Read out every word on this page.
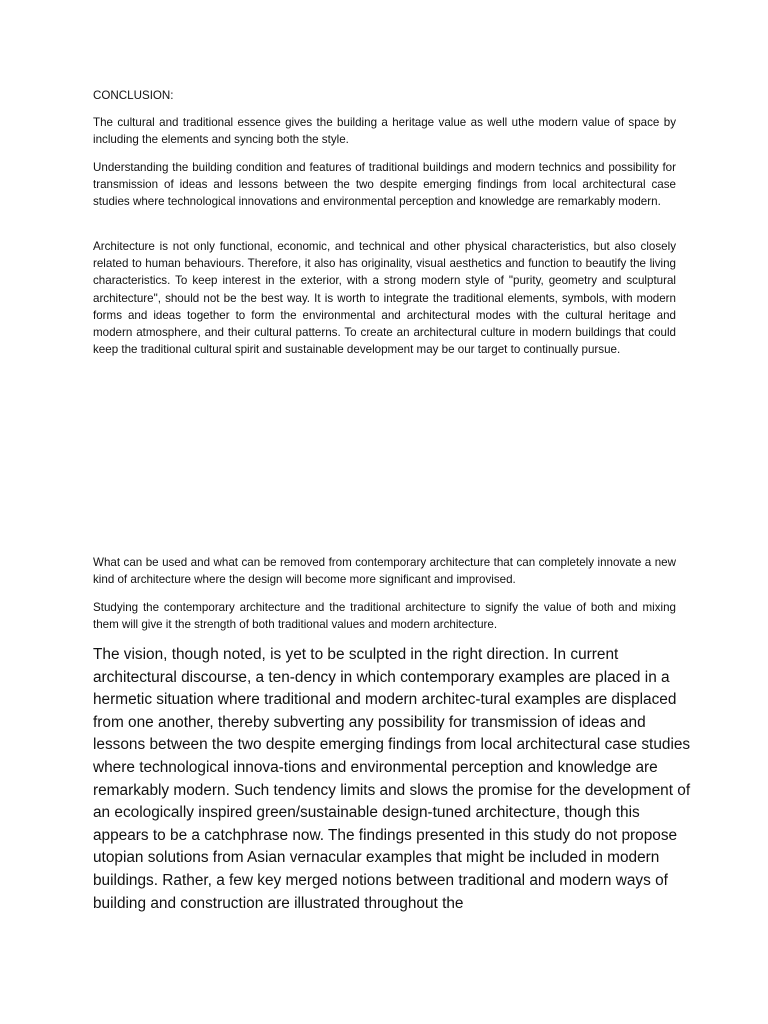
CONCLUSION:

The cultural and traditional essence gives the building a heritage value as well uthe modern value of space by including the elements and syncing both the style.

Understanding the building condition and features of traditional buildings and modern technics and possibility for transmission of ideas and lessons between the two despite emerging findings from local architectural case studies where technological innovations and environmental perception and knowledge are remarkably modern.

Architecture is not only functional, economic, and technical and other physical characteristics, but also closely related to human behaviours. Therefore, it also has originality, visual aesthetics and function to beautify the living characteristics. To keep interest in the exterior, with a strong modern style of "purity, geometry and sculptural architecture", should not be the best way. It is worth to integrate the traditional elements, symbols, with modern forms and ideas together to form the environmental and architectural modes with the cultural heritage and modern atmosphere, and their cultural patterns. To create an architectural culture in modern buildings that could keep the traditional cultural spirit and sustainable development may be our target to continually pursue.

What can be used and what can be removed from contemporary architecture that can completely innovate a new kind of architecture where the design will become more significant and improvised.

Studying the contemporary architecture and the traditional architecture to signify the value of both and mixing them will give it the strength of both traditional values and modern architecture.

The vision, though noted, is yet to be sculpted in the right direction. In current architectural discourse, a ten-dency in which contemporary examples are placed in a hermetic situation where traditional and modern architec-tural examples are displaced from one another, thereby subverting any possibility for transmission of ideas and lessons between the two despite emerging findings from local architectural case studies where technological innova-tions and environmental perception and knowledge are remarkably modern. Such tendency limits and slows the promise for the development of an ecologically inspired green/sustainable design-tuned architecture, though this appears to be a catchphrase now. The findings presented in this study do not propose utopian solutions from Asian vernacular examples that might be included in modern buildings. Rather, a few key merged notions between traditional and modern ways of building and construction are illustrated throughout the
